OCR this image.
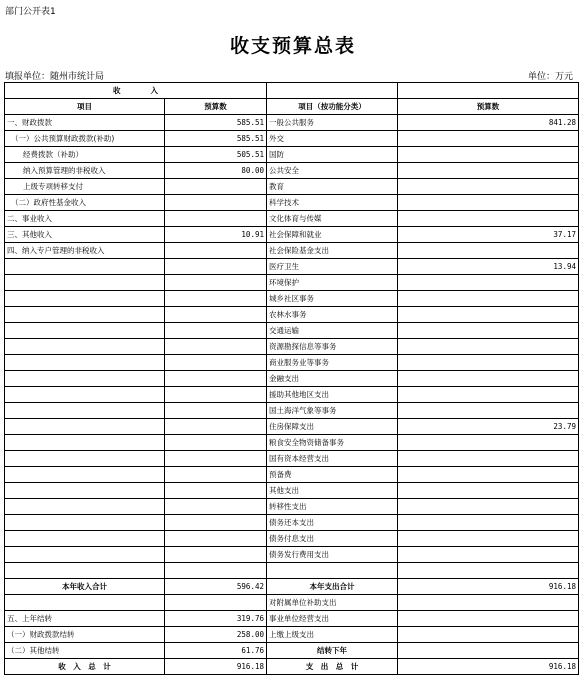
部门公开表1
收支预算总表
填报单位：随州市统计局	单位：万元
收　　　　入			
项目	预算数	项目（按功能分类）	预算数
一、财政拨款	585.51	一般公共服务	841.28
（一）公共预算财政拨款(补助)	585.51	外交	
经费拨款（补助）	505.51	国防	
纳入预算管理的非税收入	80.00	公共安全	
上级专项转移支付		教育	
（二）政府性基金收入		科学技术	
二、事业收入		文化体育与传媒	
三、其他收入	10.91	社会保障和就业	37.17
四、纳入专户管理的非税收入		社会保险基金支出	
		医疗卫生	13.94
		环境保护	
		城乡社区事务	
		农林水事务	
		交通运输	
		资源勘探信息等事务	
		商业服务业等事务	
		金融支出	
		援助其他地区支出	
		国土海洋气象等事务	
		住房保障支出	23.79
		粮食安全物资储备事务	
		国有资本经营支出	
		预备费	
		其他支出	
		转移性支出	
		债务还本支出	
		债务付息支出	
		债务发行费用支出	

本年收入合计	596.42	本年支出合计	916.18
		对附属单位补助支出	
五、上年结转	319.76	事业单位经营支出	
（一）财政拨款结转	258.00	上缴上级支出	
（二）其他结转	61.76	结转下年	
收　入　总　计	916.18	支　出　总　计	916.18
